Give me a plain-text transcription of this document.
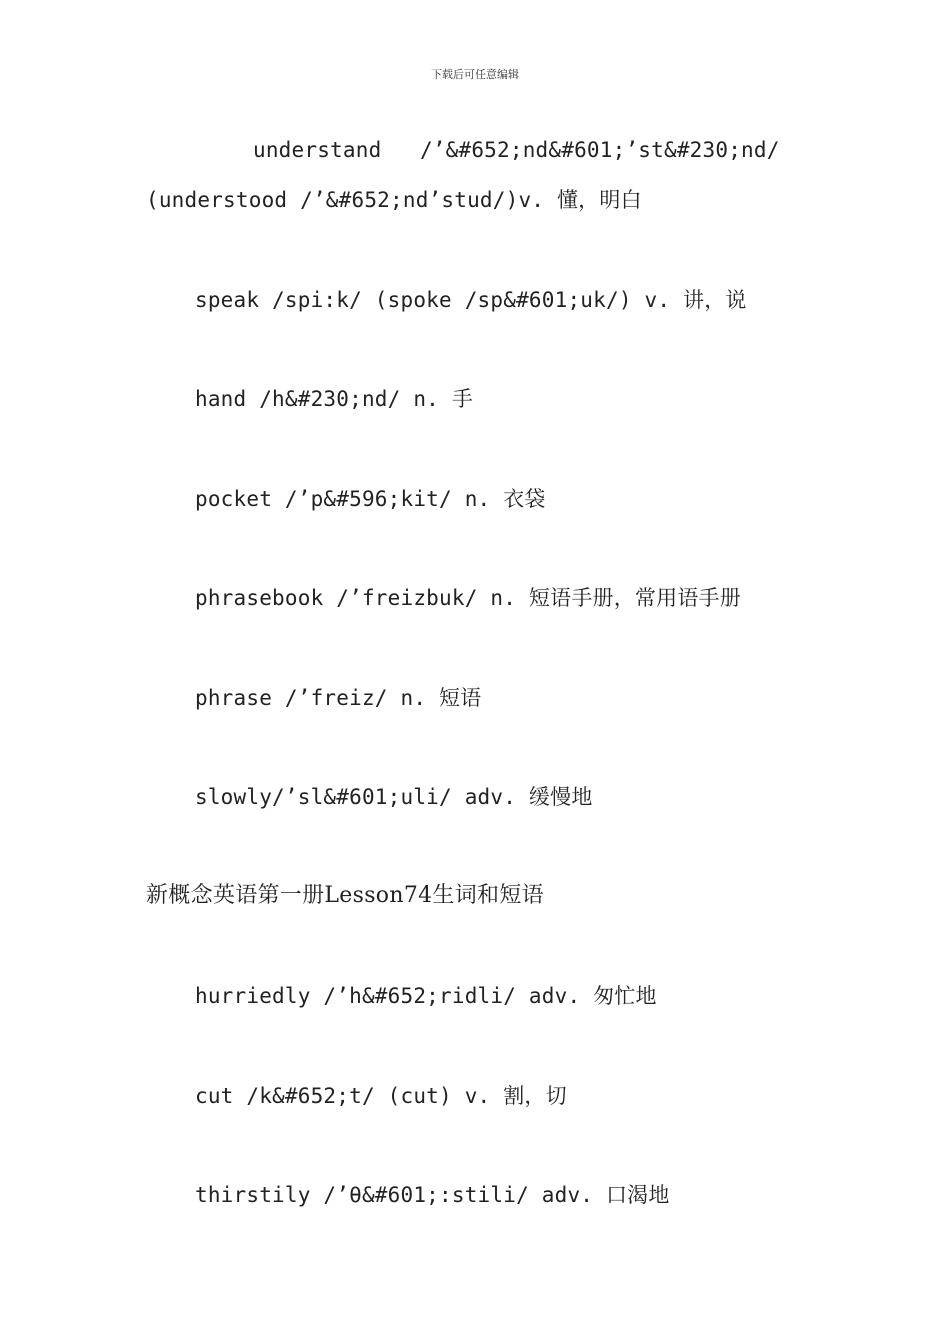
下载后可任意编辑
understand   /’&#652;nd&#601;’st&#230;nd/
(understood /’&#652;nd’stud/)v. 懂，明白
speak /spi:k/ (spoke /sp&#601;uk/) v. 讲，说
hand /h&#230;nd/ n. 手
pocket /’p&#596;kit/ n. 衣袋
phrasebook /’freizbuk/ n. 短语手册，常用语手册
phrase /’freiz/ n. 短语
slowly/’sl&#601;uli/ adv. 缓慢地
新概念英语第一册Lesson74生词和短语
hurriedly /’h&#652;ridli/ adv. 匆忙地
cut /k&#652;t/ (cut) v. 割，切
thirstily /’θ&#601;:stili/ adv. 口渴地
